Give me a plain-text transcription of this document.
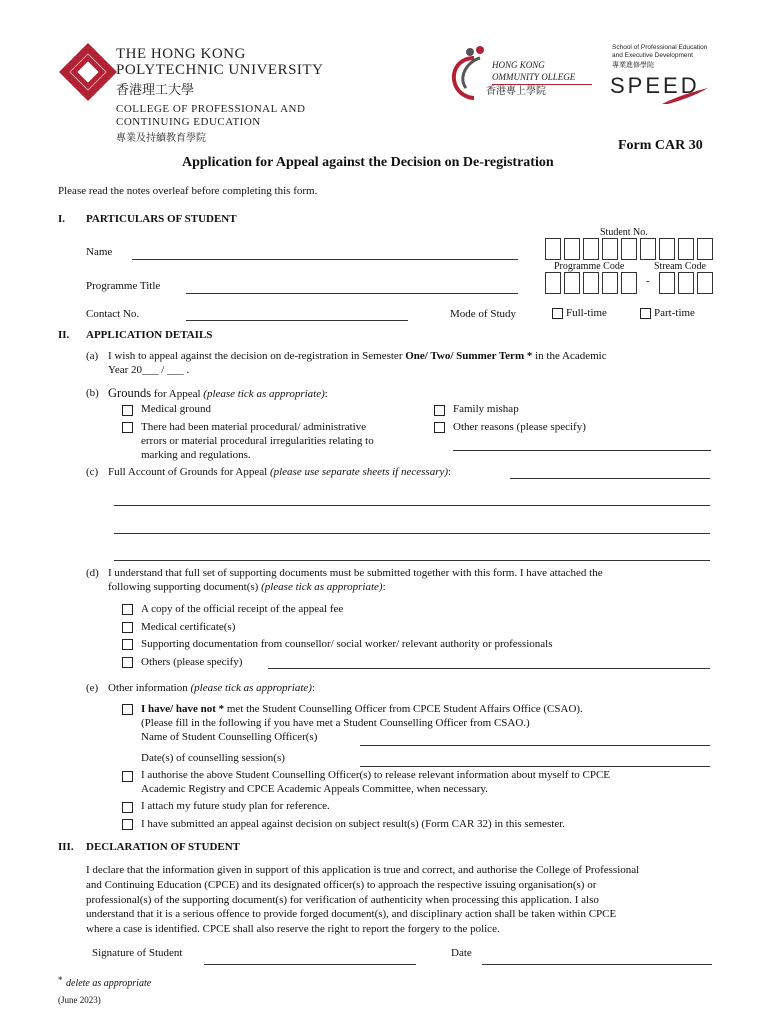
THE HONG KONG
POLYTECHNIC UNIVERSITY
香港理工大學
COLLEGE OF PROFESSIONAL AND
CONTINUING EDUCATION
專業及持續教育學院
HONG KONG
OMMUNITY OLLEGE
香港專上學院
School of Professional Education
and Executive Development
專業進修學院
SPEED
Form CAR 30
Application for Appeal against the Decision on De-registration
Please read the notes overleaf before completing this form.
I. PARTICULARS OF STUDENT
Student No.
Name
Programme Code	Stream Code
-
Programme Title
Contact No.	Mode of Study	Full-time	Part-time
II. APPLICATION DETAILS
(a) I wish to appeal against the decision on de-registration in Semester One/ Two/ Summer Term * in the Academic
Year 20___ / ___ .
(b) Grounds for Appeal (please tick as appropriate):
Medical ground
There had been material procedural/ administrative
errors or material procedural irregularities relating to
marking and regulations.
Family mishap
Other reasons (please specify)
(c) Full Account of Grounds for Appeal (please use separate sheets if necessary):
(d) I understand that full set of supporting documents must be submitted together with this form. I have attached the
following supporting document(s) (please tick as appropriate):
A copy of the official receipt of the appeal fee
Medical certificate(s)
Supporting documentation from counsellor/ social worker/ relevant authority or professionals
Others (please specify)
(e) Other information (please tick as appropriate):
I have/ have not * met the Student Counselling Officer from CPCE Student Affairs Office (CSAO).
(Please fill in the following if you have met a Student Counselling Officer from CSAO.)
Name of Student Counselling Officer(s)
Date(s) of counselling session(s)
I authorise the above Student Counselling Officer(s) to release relevant information about myself to CPCE
Academic Registry and CPCE Academic Appeals Committee, when necessary.
I attach my future study plan for reference.
I have submitted an appeal against decision on subject result(s) (Form CAR 32) in this semester.
III. DECLARATION OF STUDENT
I declare that the information given in support of this application is true and correct, and authorise the College of Professional
and Continuing Education (CPCE) and its designated officer(s) to approach the respective issuing organisation(s) or
professional(s) of the supporting document(s) for verification of authenticity when processing this application. I also
understand that it is a serious offence to provide forged document(s), and disciplinary action shall be taken within CPCE
where a case is identified. CPCE shall also reserve the right to report the forgery to the police.
Signature of Student	Date
* delete as appropriate
(June 2023)
